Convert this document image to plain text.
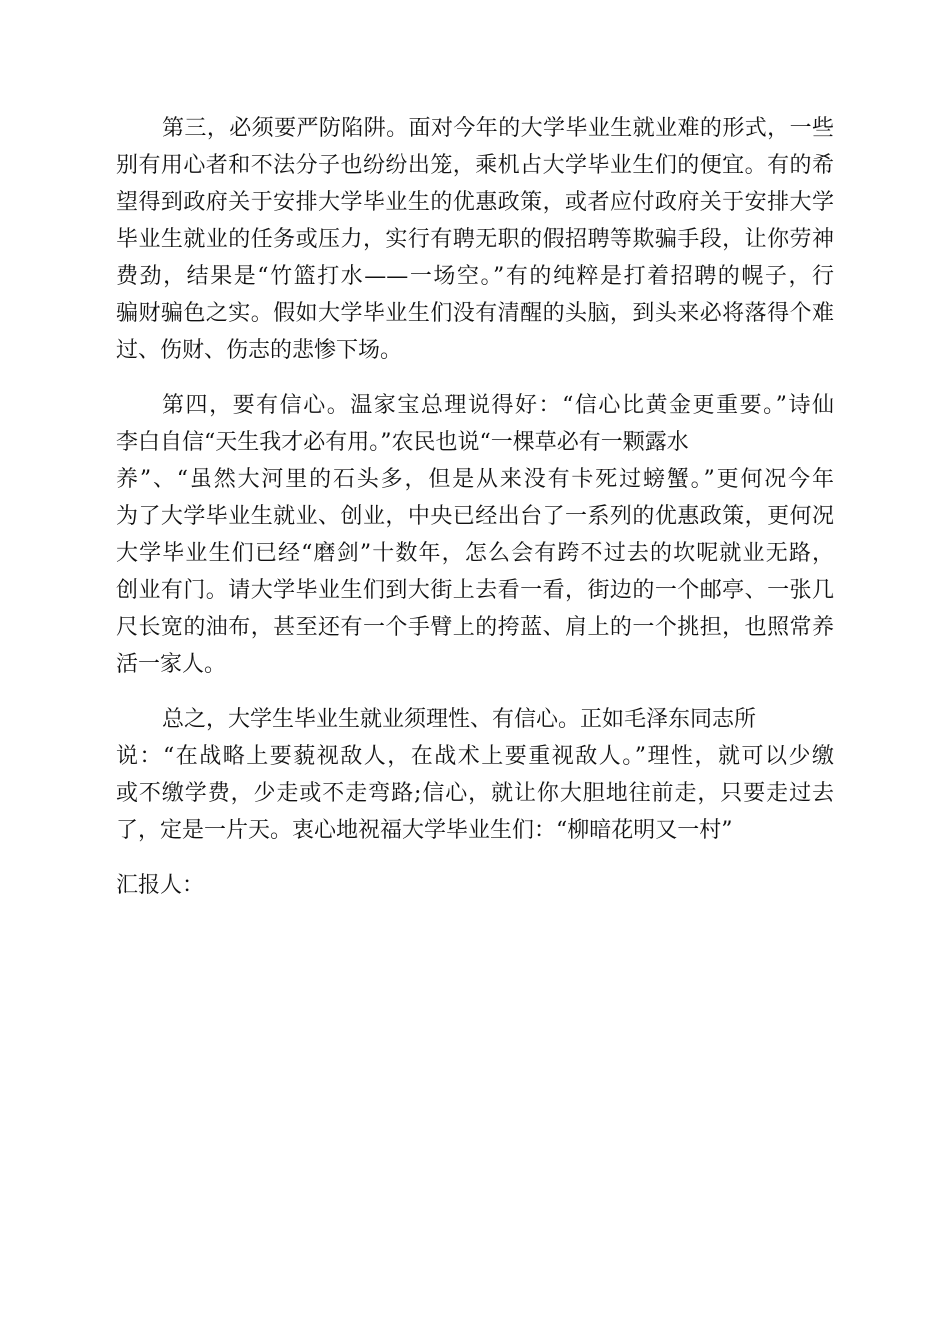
第三，必须要严防陷阱。面对今年的大学毕业生就业难的形式，一些
别有用心者和不法分子也纷纷出笼，乘机占大学毕业生们的便宜。有的希
望得到政府关于安排大学毕业生的优惠政策，或者应付政府关于安排大学
毕业生就业的任务或压力，实行有聘无职的假招聘等欺骗手段，让你劳神
费劲，结果是“竹篮打水——一场空。”有的纯粹是打着招聘的幌子，行
骗财骗色之实。假如大学毕业生们没有清醒的头脑，到头来必将落得个难
过、伤财、伤志的悲惨下场。
第四，要有信心。温家宝总理说得好：“信心比黄金更重要。”诗仙
李白自信“天生我才必有用。”农民也说“一棵草必有一颗露水
养”、“虽然大河里的石头多，但是从来没有卡死过螃蟹。”更何况今年
为了大学毕业生就业、创业，中央已经出台了一系列的优惠政策，更何况
大学毕业生们已经“磨剑”十数年，怎么会有跨不过去的坎呢就业无路，
创业有门。请大学毕业生们到大街上去看一看，街边的一个邮亭、一张几
尺长宽的油布，甚至还有一个手臂上的挎蓝、肩上的一个挑担，也照常养
活一家人。
总之，大学生毕业生就业须理性、有信心。正如毛泽东同志所
说：“在战略上要藐视敌人，在战术上要重视敌人。”理性，就可以少缴
或不缴学费，少走或不走弯路;信心，就让你大胆地往前走，只要走过去
了，定是一片天。衷心地祝福大学毕业生们：“柳暗花明又一村”
汇报人：
